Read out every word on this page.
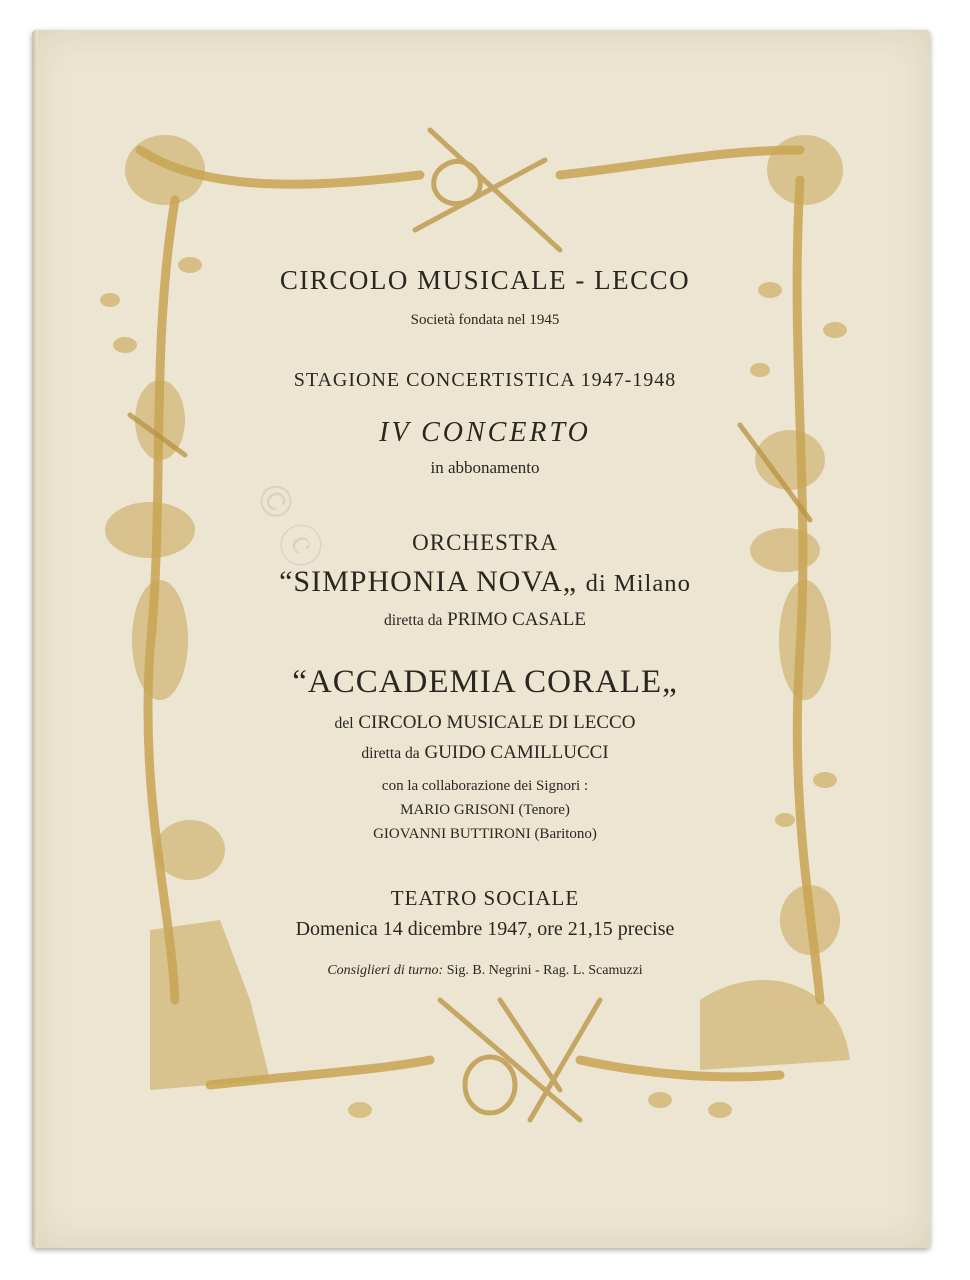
© ⓒ
CIRCOLO MUSICALE - LECCO
Società fondata nel 1945
STAGIONE CONCERTISTICA 1947-1948
IV CONCERTO
in abbonamento
ORCHESTRA
“SIMPHONIA NOVA„ di Milano
diretta da PRIMO CASALE
“ACCADEMIA CORALE„
del CIRCOLO MUSICALE DI LECCO
diretta da GUIDO CAMILLUCCI
con la collaborazione dei Signori :
MARIO GRISONI (Tenore)
GIOVANNI BUTTIRONI (Baritono)
TEATRO SOCIALE
Domenica 14 dicembre 1947, ore 21,15 precise
Consiglieri di turno: Sig. B. Negrini - Rag. L. Scamuzzi
